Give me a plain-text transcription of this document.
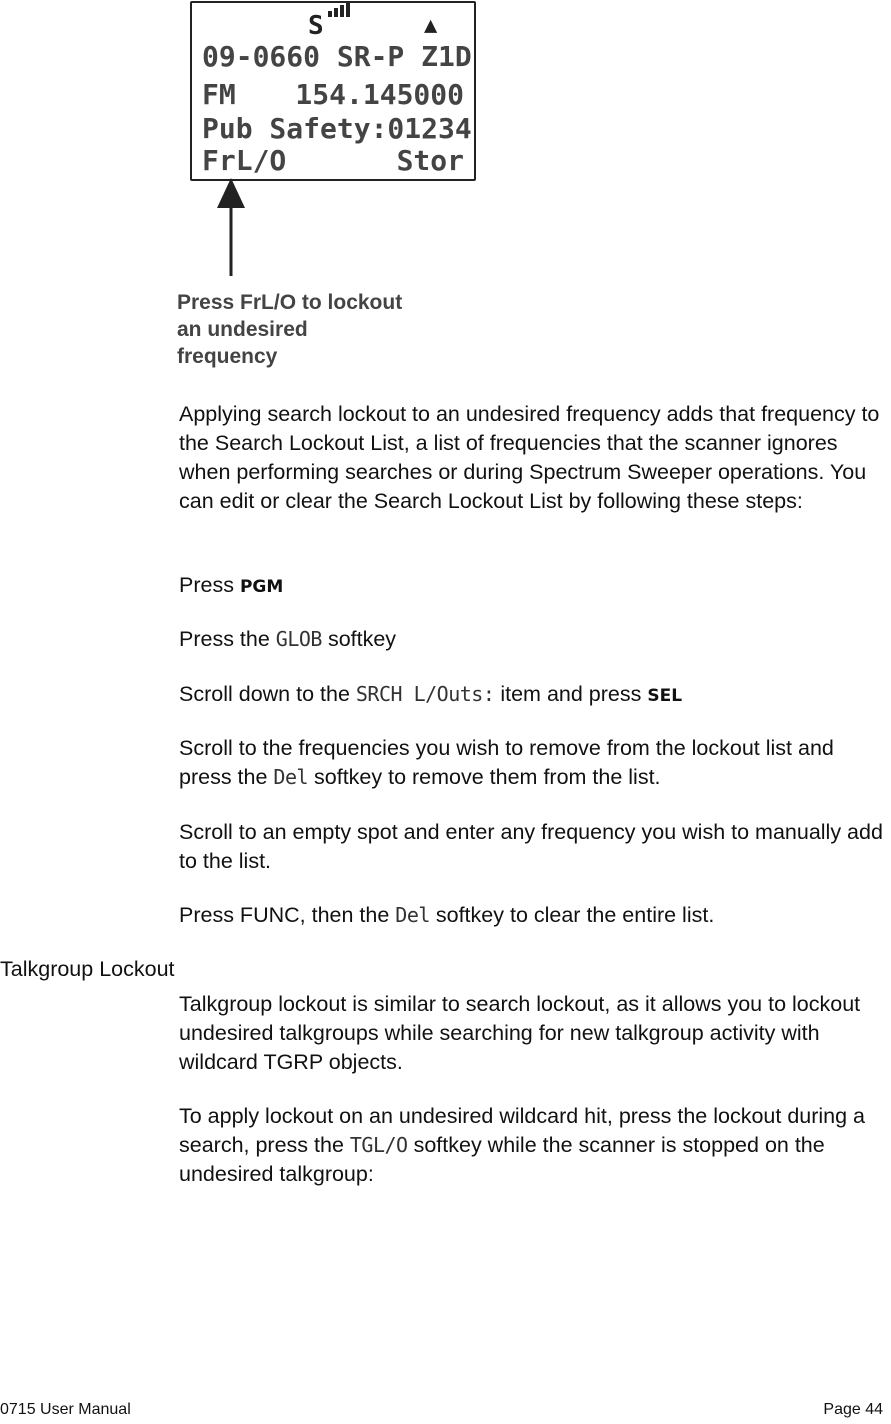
S	▲
09-0660 SR-P Z1D
FM 154.145000
Pub Safety:01234
FrL/O	Stor
Press FrL/O to lockout
an undesired
frequency
Applying search lockout to an undesired frequency adds that frequency to the Search Lockout List, a list of frequencies that the scanner ignores when performing searches or during Spectrum Sweeper operations. You can edit or clear the Search Lockout List by following these steps:
Press PGM
Press the GLOB softkey
Scroll down to the SRCH L/Outs: item and press SEL
Scroll to the frequencies you wish to remove from the lockout list and press the Del softkey to remove them from the list.
Scroll to an empty spot and enter any frequency you wish to manually add to the list.
Press FUNC, then the Del softkey to clear the entire list.
Talkgroup Lockout
Talkgroup lockout is similar to search lockout, as it allows you to lockout undesired talkgroups while searching for new talkgroup activity with wildcard TGRP objects.
To apply lockout on an undesired wildcard hit, press the lockout during a search, press the TGL/O softkey while the scanner is stopped on the undesired talkgroup:
0715 User Manual	Page 44
